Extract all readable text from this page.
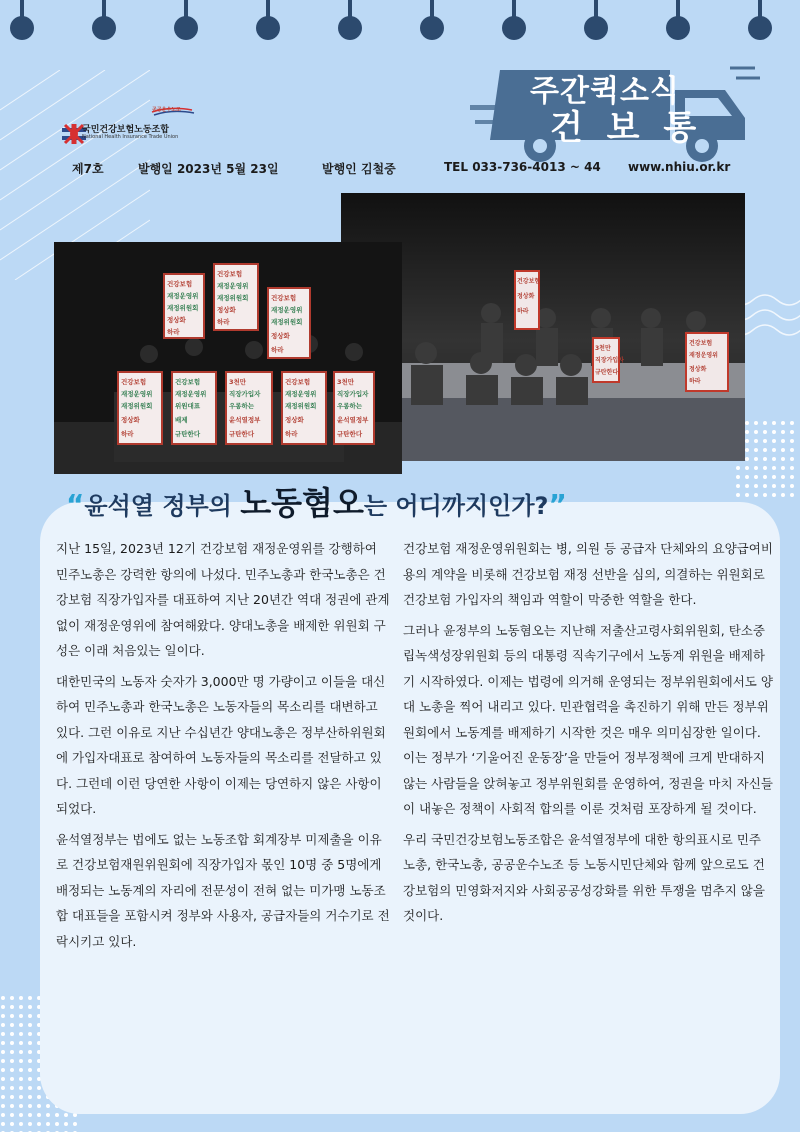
공공운수노조
국민건강보험노동조합
National Health Insurance Trade Union
주간퀵소식
건 보 통
제7호	발행일 2023년 5월 23일	발행인 김철중	TEL 033-736-4013 ~ 44 www.nhiu.or.kr
건강보험
정상화
하라
3천만
직장가입자
규탄한다
건강보험
재정운영위
정상화
하라
건강보험
재정운영위
재정위원회
정상화
하라
건강보험
재정운영위
재정위원회
정상화
하라
건강보험
재정운영위
재정위원회
정상화
하라
건강보험
재정운영위
재정위원회
정상화
하라
건강보험
재정운영위
위원대표
배제
규탄한다
3천만
직장가입자
우롱하는
윤석열정부
규탄한다
건강보험
재정운영위
재정위원회
정상화
하라
3천만
직장가입자
우롱하는
윤석열정부
규탄한다
“윤석열 정부의 노동혐오는 어디까지인가?”

지난 15일, 2023년 12기 건강보험 재정운영위를 강행하여 민주노총은 강력한 항의에 나섰다. 민주노총과 한국노총은 건강보험 직장가입자를 대표하여 지난 20년간 역대 정권에 관계없이 재정운영위에 참여해왔다. 양대노총을 배제한 위원회 구성은 이래 처음있는 일이다.

대한민국의 노동자 숫자가 3,000만 명 가량이고 이들을 대신하여 민주노총과 한국노총은 노동자들의 목소리를 대변하고 있다. 그런 이유로 지난 수십년간 양대노총은 정부산하위원회에 가입자대표로 참여하여 노동자들의 목소리를 전달하고 있다. 그런데 이런 당연한 사항이 이제는 당연하지 않은 사항이 되었다.

윤석열정부는 법에도 없는 노동조합 회계장부 미제출을 이유로 건강보험재원위원회에 직장가입자 몫인 10명 중 5명에게 배정되는 노동계의 자리에 전문성이 전혀 없는 미가맹 노동조합 대표들을 포함시켜 정부와 사용자, 공급자들의 거수기로 전락시키고 있다.

건강보험 재정운영위원회는 병, 의원 등 공급자 단체와의 요양급여비용의 계약을 비롯해 건강보험 재정 선반을 심의, 의결하는 위원회로 건강보험 가입자의 책임과 역할이 막중한 역할을 한다.

그러나 윤정부의 노동혐오는 지난해 저출산고령사회위원회, 탄소중립녹색성장위원회 등의 대통령 직속기구에서 노동계 위원을 배제하기 시작하였다. 이제는 법령에 의거해 운영되는 정부위원회에서도 양대 노총을 찍어 내리고 있다. 민관협력을 촉진하기 위해 만든 정부위원회에서 노동계를 배제하기 시작한 것은 매우 의미심장한 일이다. 이는 정부가 ‘기울어진 운동장’을 만들어 정부정책에 크게 반대하지 않는 사람들을 앉혀놓고 정부위원회를 운영하여, 정권을 마치 자신들이 내놓은 정책이 사회적 합의를 이룬 것처럼 포장하게 될 것이다.

우리 국민건강보험노동조합은 윤석열정부에 대한 항의표시로 민주노총, 한국노총, 공공운수노조 등 노동시민단체와 함께 앞으로도 건강보험의 민영화저지와 사회공공성강화를 위한 투쟁을 멈추지 않을 것이다.
